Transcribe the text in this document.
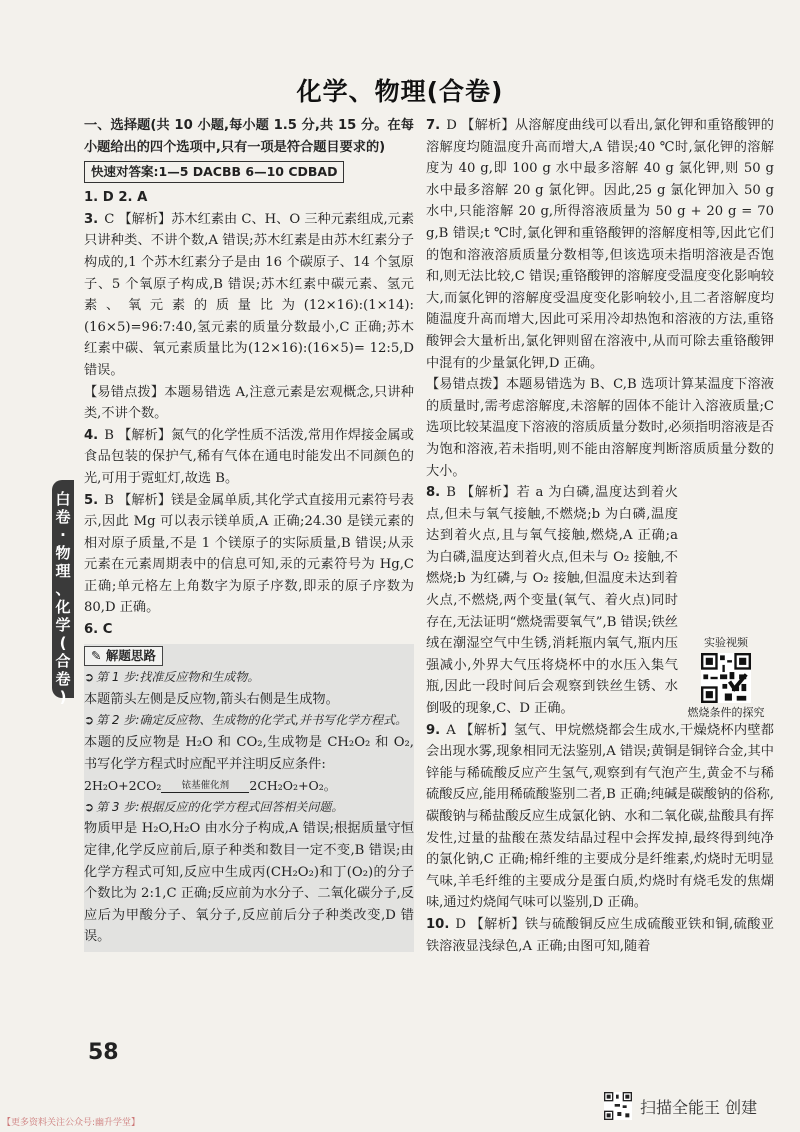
化学、物理(合卷)
白
卷
·
物
理
、
化
学
(
合
卷
)

一、选择题(共 10 小题,每小题 1.5 分,共 15 分。在每小题给出的四个选项中,只有一项是符合题目要求的)

快速对答案:1—5 DACBB 6—10 CDBAD

1. D 2. A

3. C 【解析】苏木红素由 C、H、O 三种元素组成,元素只讲种类、不讲个数,A 错误;苏木红素是由苏木红素分子构成的,1 个苏木红素分子是由 16 个碳原子、14 个氢原子、5 个氧原子构成,B 错误;苏木红素中碳元素、氢元素、氧元素的质量比为(12×16):(1×14):(16×5)=96:7:40,氢元素的质量分数最小,C 正确;苏木红素中碳、氧元素质量比为(12×16):(16×5)= 12:5,D 错误。

【易错点拨】本题易错选 A,注意元素是宏观概念,只讲种类,不讲个数。

4. B 【解析】氮气的化学性质不活泼,常用作焊接金属或食品包装的保护气,稀有气体在通电时能发出不同颜色的光,可用于霓虹灯,故选 B。

5. B 【解析】镁是金属单质,其化学式直接用元素符号表示,因此 Mg 可以表示镁单质,A 正确;24.30 是镁元素的相对原子质量,不是 1 个镁原子的实际质量,B 错误;从汞元素在元素周期表中的信息可知,汞的元素符号为 Hg,C 正确;单元格左上角数字为原子序数,即汞的原子序数为 80,D 正确。

6. C

✎ 解题思路

➲ 第 1 步:找准反应物和生成物。

本题箭头左侧是反应物,箭头右侧是生成物。

➲ 第 2 步:确定反应物、生成物的化学式,并书写化学方程式。

本题的反应物是 H₂O 和 CO₂,生成物是 CH₂O₂ 和 O₂,书写化学方程式时应配平并注明反应条件:

2H₂O+2CO₂	铱基催化剂	2CH₂O₂+O₂。

➲ 第 3 步:根据反应的化学方程式回答相关问题。

物质甲是 H₂O,H₂O 由水分子构成,A 错误;根据质量守恒定律,化学反应前后,原子种类和数目一定不变,B 错误;由化学方程式可知,反应中生成丙(CH₂O₂)和丁(O₂)的分子个数比为 2:1,C 正确;反应前为水分子、二氧化碳分子,反应后为甲酸分子、氧分子,反应前后分子种类改变,D 错误。

7. D 【解析】从溶解度曲线可以看出,氯化钾和重铬酸钾的溶解度均随温度升高而增大,A 错误;40 ℃时,氯化钾的溶解度为 40 g,即 100 g 水中最多溶解 40 g 氯化钾,则 50 g 水中最多溶解 20 g 氯化钾。因此,25 g 氯化钾加入 50 g 水中,只能溶解 20 g,所得溶液质量为 50 g + 20 g = 70 g,B 错误;t ℃时,氯化钾和重铬酸钾的溶解度相等,因此它们的饱和溶液溶质质量分数相等,但该选项未指明溶液是否饱和,则无法比较,C 错误;重铬酸钾的溶解度受温度变化影响较大,而氯化钾的溶解度受温度变化影响较小,且二者溶解度均随温度升高而增大,因此可采用冷却热饱和溶液的方法,重铬酸钾会大量析出,氯化钾则留在溶液中,从而可除去重铬酸钾中混有的少量氯化钾,D 正确。

【易错点拨】本题易错选为 B、C,B 选项计算某温度下溶液的质量时,需考虑溶解度,未溶解的固体不能计入溶液质量;C 选项比较某温度下溶液的溶质质量分数时,必须指明溶液是否为饱和溶液,若未指明,则不能由溶解度判断溶质质量分数的大小。

8. B 【解析】若 a 为白磷,温度达到着火点,但未与氧气接触,不燃烧;b 为白磷,温度达到着火点,且与氧气接触,燃烧,A 正确;a 为白磷,温度达到着火点,但未与 O₂ 接触,不燃烧;b 为红磷,与 O₂ 接触,但温度未达到着火点,不燃烧,两个变量(氧气、着火点)同时存在,无法证明“燃烧需要氧气”,B 错误;铁丝绒在潮湿空气中生锈,消耗瓶内氧气,瓶内压强减小,外界大气压将烧杯中的水压入集气瓶,因此一段时间后会观察到铁丝生锈、水倒吸的现象,C、D 正确。

9. A 【解析】氢气、甲烷燃烧都会生成水,干燥烧杯内壁都会出现水雾,现象相同无法鉴别,A 错误;黄铜是铜锌合金,其中锌能与稀硫酸反应产生氢气,观察到有气泡产生,黄金不与稀硫酸反应,能用稀硫酸鉴别二者,B 正确;纯碱是碳酸钠的俗称,碳酸钠与稀盐酸反应生成氯化钠、水和二氧化碳,盐酸具有挥发性,过量的盐酸在蒸发结晶过程中会挥发掉,最终得到纯净的氯化钠,C 正确;棉纤维的主要成分是纤维素,灼烧时无明显气味,羊毛纤维的主要成分是蛋白质,灼烧时有烧毛发的焦煳味,通过灼烧闻气味可以鉴别,D 正确。

10. D 【解析】铁与硫酸铜反应生成硫酸亚铁和铜,硫酸亚铁溶液显浅绿色,A 正确;由图可知,随着

实验视频
燃烧条件的探究
58
【更多资料关注公众号:幽升学堂】
扫描全能王 创建
